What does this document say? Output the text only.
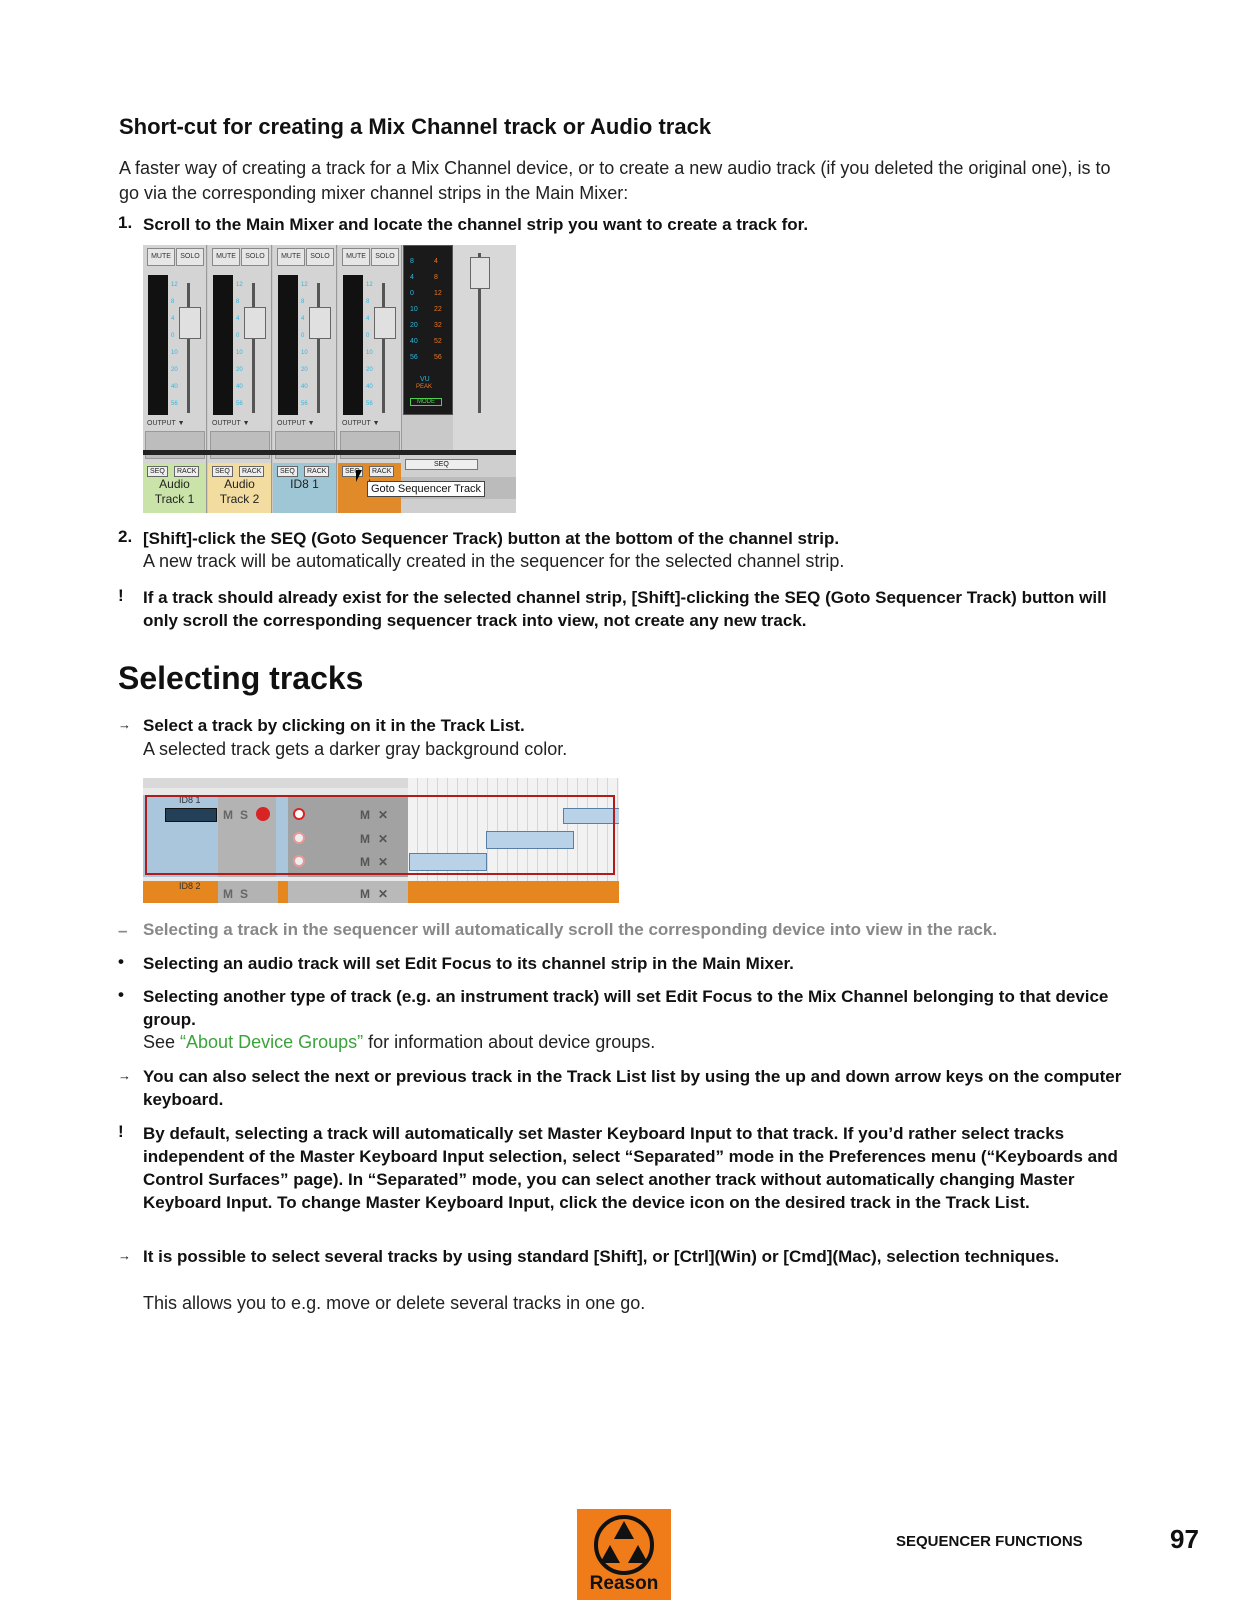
Short-cut for creating a Mix Channel track or Audio track
A faster way of creating a track for a Mix Channel device, or to create a new audio track (if you deleted the original one), is to go via the corresponding mixer channel strips in the Main Mixer:
1. Scroll to the Main Mixer and locate the channel strip you want to create a track for.
MUTE	SOLO
12
8
4
0
10
20
40
56
OUTPUT ▼
SEQ	RACK
Audio
Track 1
MUTE	SOLO
12
8
4
0
10
20
40
56
OUTPUT ▼
SEQ	RACK
Audio
Track 2
MUTE	SOLO
12
8
4
0
10
20
40
56
OUTPUT ▼
SEQ	RACK
ID8 1
MUTE	SOLO
12
8
4
0
10
20
40
56
OUTPUT ▼
SEQ	RACK
8
4
0
10
20
40
56
4
8
12
22
32
52
56
VU
PEAK
MODE
SEQ
Goto Sequencer Track
2. [Shift]-click the SEQ (Goto Sequencer Track) button at the bottom of the channel strip.
A new track will be automatically created in the sequencer for the selected channel strip.
! If a track should already exist for the selected channel strip, [Shift]-clicking the SEQ (Goto Sequencer Track) button will only scroll the corresponding sequencer track into view, not create any new track.
Selecting tracks
→ Select a track by clicking on it in the Track List.
A selected track gets a darker gray background color.
ID8 1
M S	M ✕
M ✕
M ✕
ID8 2
M S	M ✕
– Selecting a track in the sequencer will automatically scroll the corresponding device into view in the rack.
• Selecting an audio track will set Edit Focus to its channel strip in the Main Mixer.
• Selecting another type of track (e.g. an instrument track) will set Edit Focus to the Mix Channel belonging to that device group.
See “About Device Groups” for information about device groups.
→ You can also select the next or previous track in the Track List list by using the up and down arrow keys on the computer keyboard.
! By default, selecting a track will automatically set Master Keyboard Input to that track. If you’d rather select tracks independent of the Master Keyboard Input selection, select “Separated” mode in the Preferences menu (“Keyboards and Control Surfaces” page). In “Separated” mode, you can select another track without automatically changing Master Keyboard Input. To change Master Keyboard Input, click the device icon on the desired track in the Track List.
→ It is possible to select several tracks by using standard [Shift], or [Ctrl](Win) or [Cmd](Mac), selection techniques.
This allows you to e.g. move or delete several tracks in one go.
Reason
SEQUENCER FUNCTIONS	97
